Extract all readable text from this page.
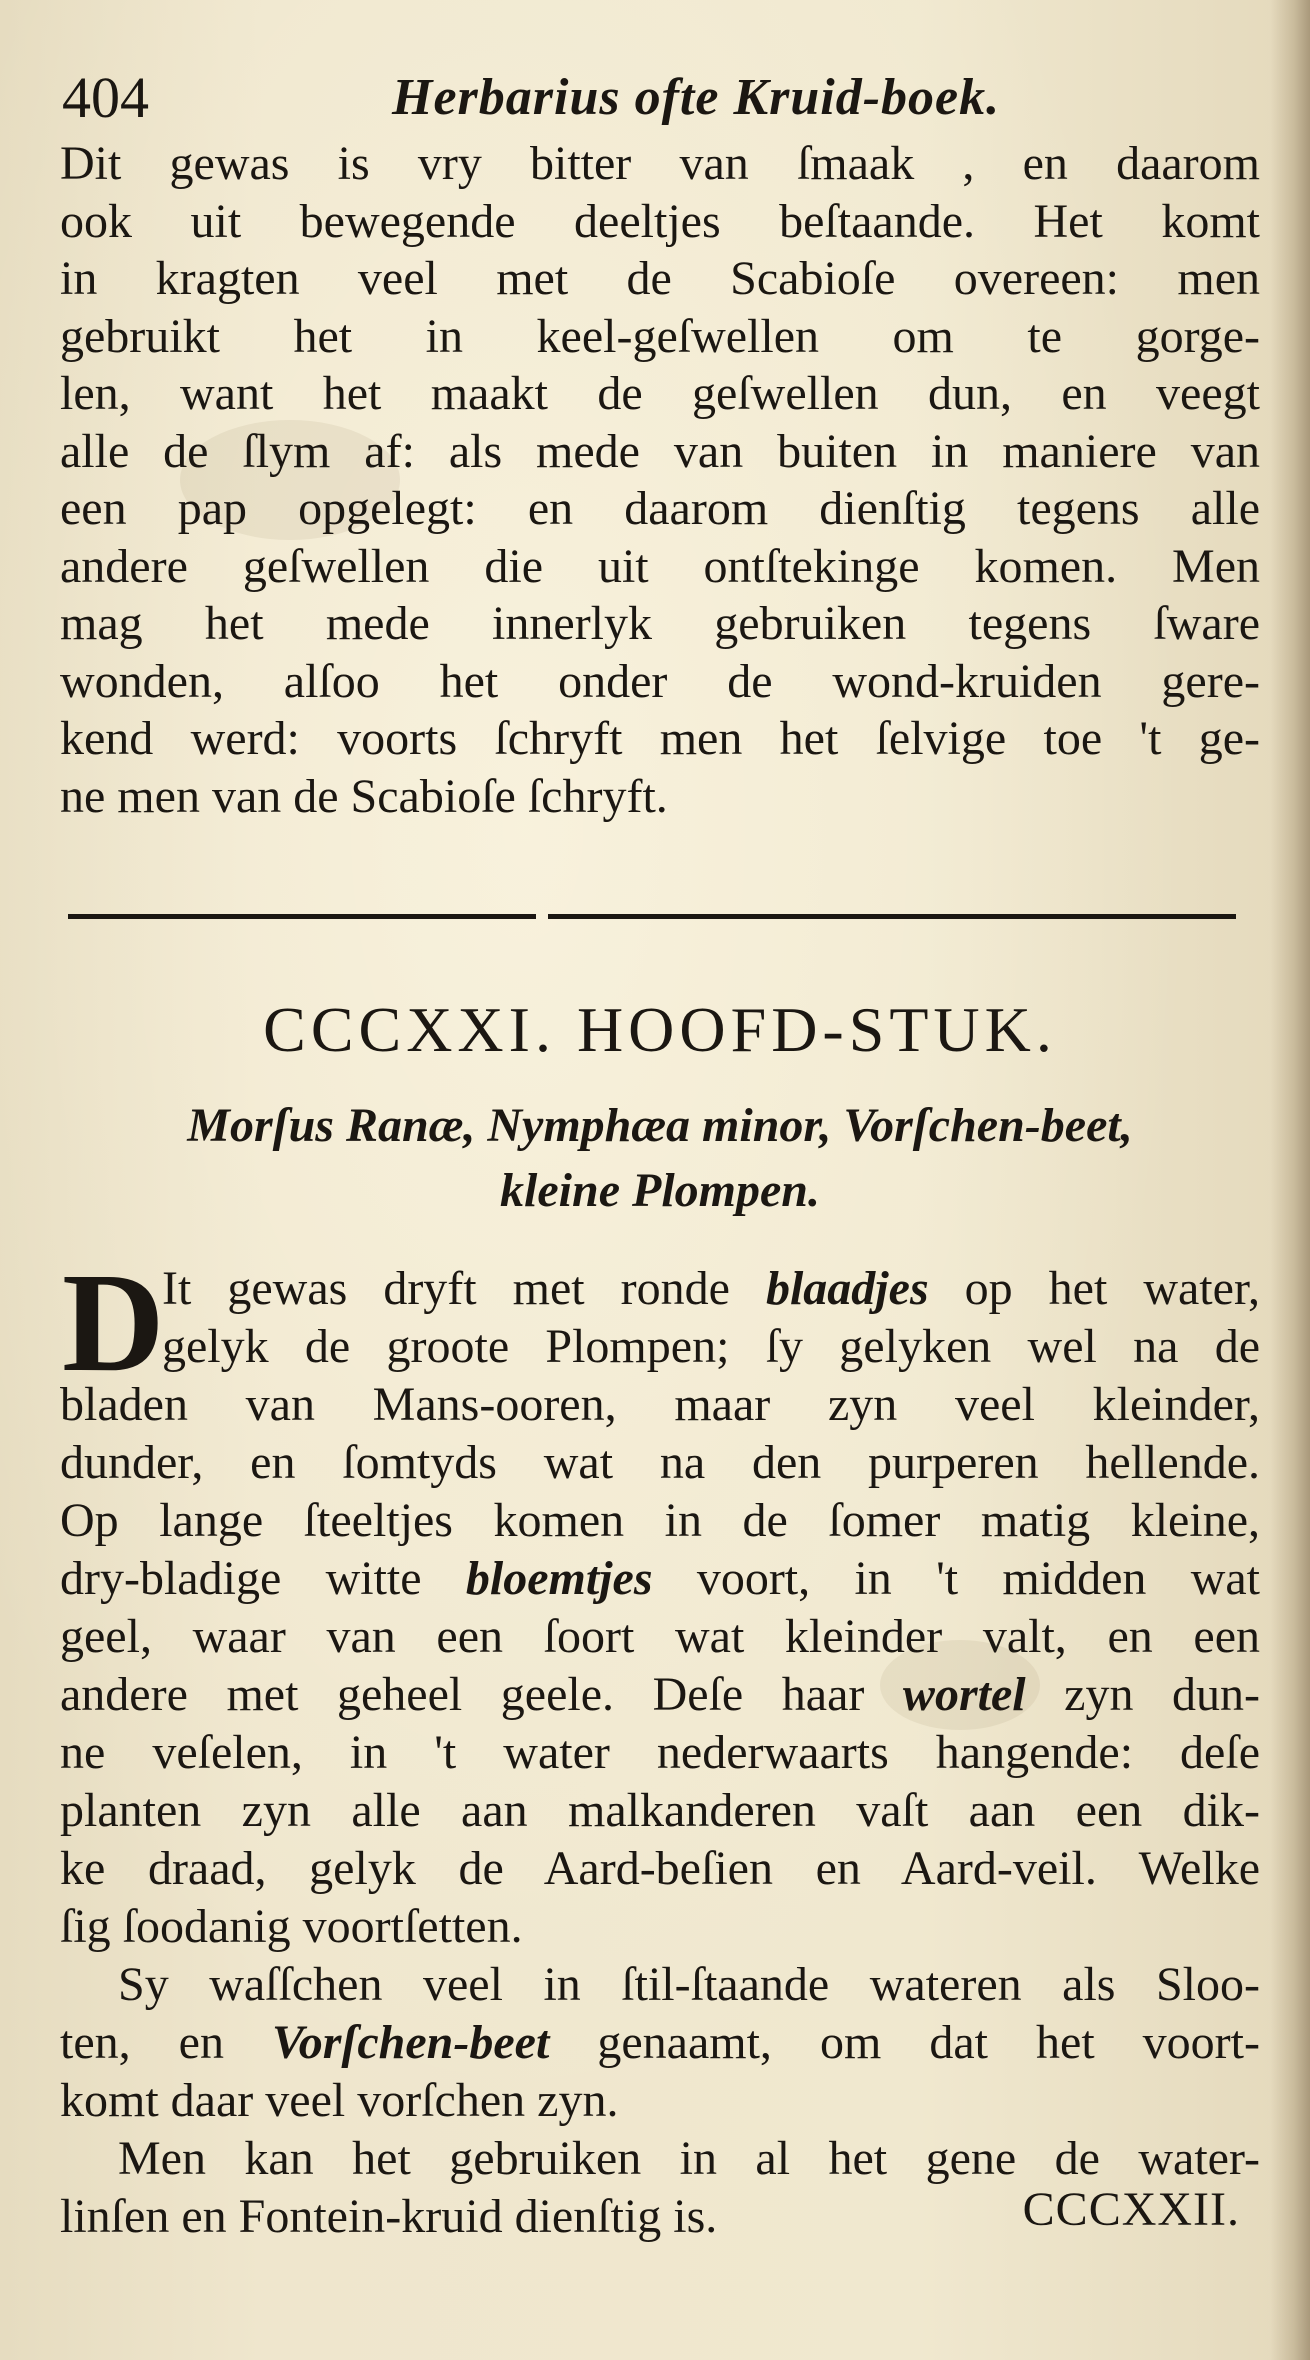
404	Herbarius ofte Kruid-boek.
Dit gewas is vry bitter van ſmaak , en daarom
ook uit bewegende deeltjes beſtaande. Het komt
in kragten veel met de Scabioſe overeen: men
gebruikt het in keel-geſwellen om te gorge-
len, want het maakt de geſwellen dun, en veegt
alle de ſlym af: als mede van buiten in maniere van
een pap opgelegt: en daarom dienſtig tegens alle
andere geſwellen die uit ontſtekinge komen. Men
mag het mede innerlyk gebruiken tegens ſware
wonden, alſoo het onder de wond-kruiden gere-
kend werd: voorts ſchryft men het ſelvige toe 't ge-
ne men van de Scabioſe ſchryft.
CCCXXI. HOOFD-STUK.
Morſus Ranæ, Nymphæa minor, Vorſchen-beet,
kleine Plompen.
D
It gewas dryft met ronde blaadjes op het water,
gelyk de groote Plompen; ſy gelyken wel na de
bladen van Mans-ooren, maar zyn veel kleinder,
dunder, en ſomtyds wat na den purperen hellende.
Op lange ſteeltjes komen in de ſomer matig kleine,
dry-bladige witte bloemtjes voort, in 't midden wat
geel, waar van een ſoort wat kleinder valt, en een
andere met geheel geele. Deſe haar wortel zyn dun-
ne veſelen, in 't water nederwaarts hangende: deſe
planten zyn alle aan malkanderen vaſt aan een dik-
ke draad, gelyk de Aard-beſien en Aard-veil. Welke
ſig ſoodanig voortſetten.
Sy waſſchen veel in ſtil-ſtaande wateren als Sloo-
ten, en Vorſchen-beet genaamt, om dat het voort-
komt daar veel vorſchen zyn.
Men kan het gebruiken in al het gene de water-
linſen en Fontein-kruid dienſtig is.	CCCXXII.
